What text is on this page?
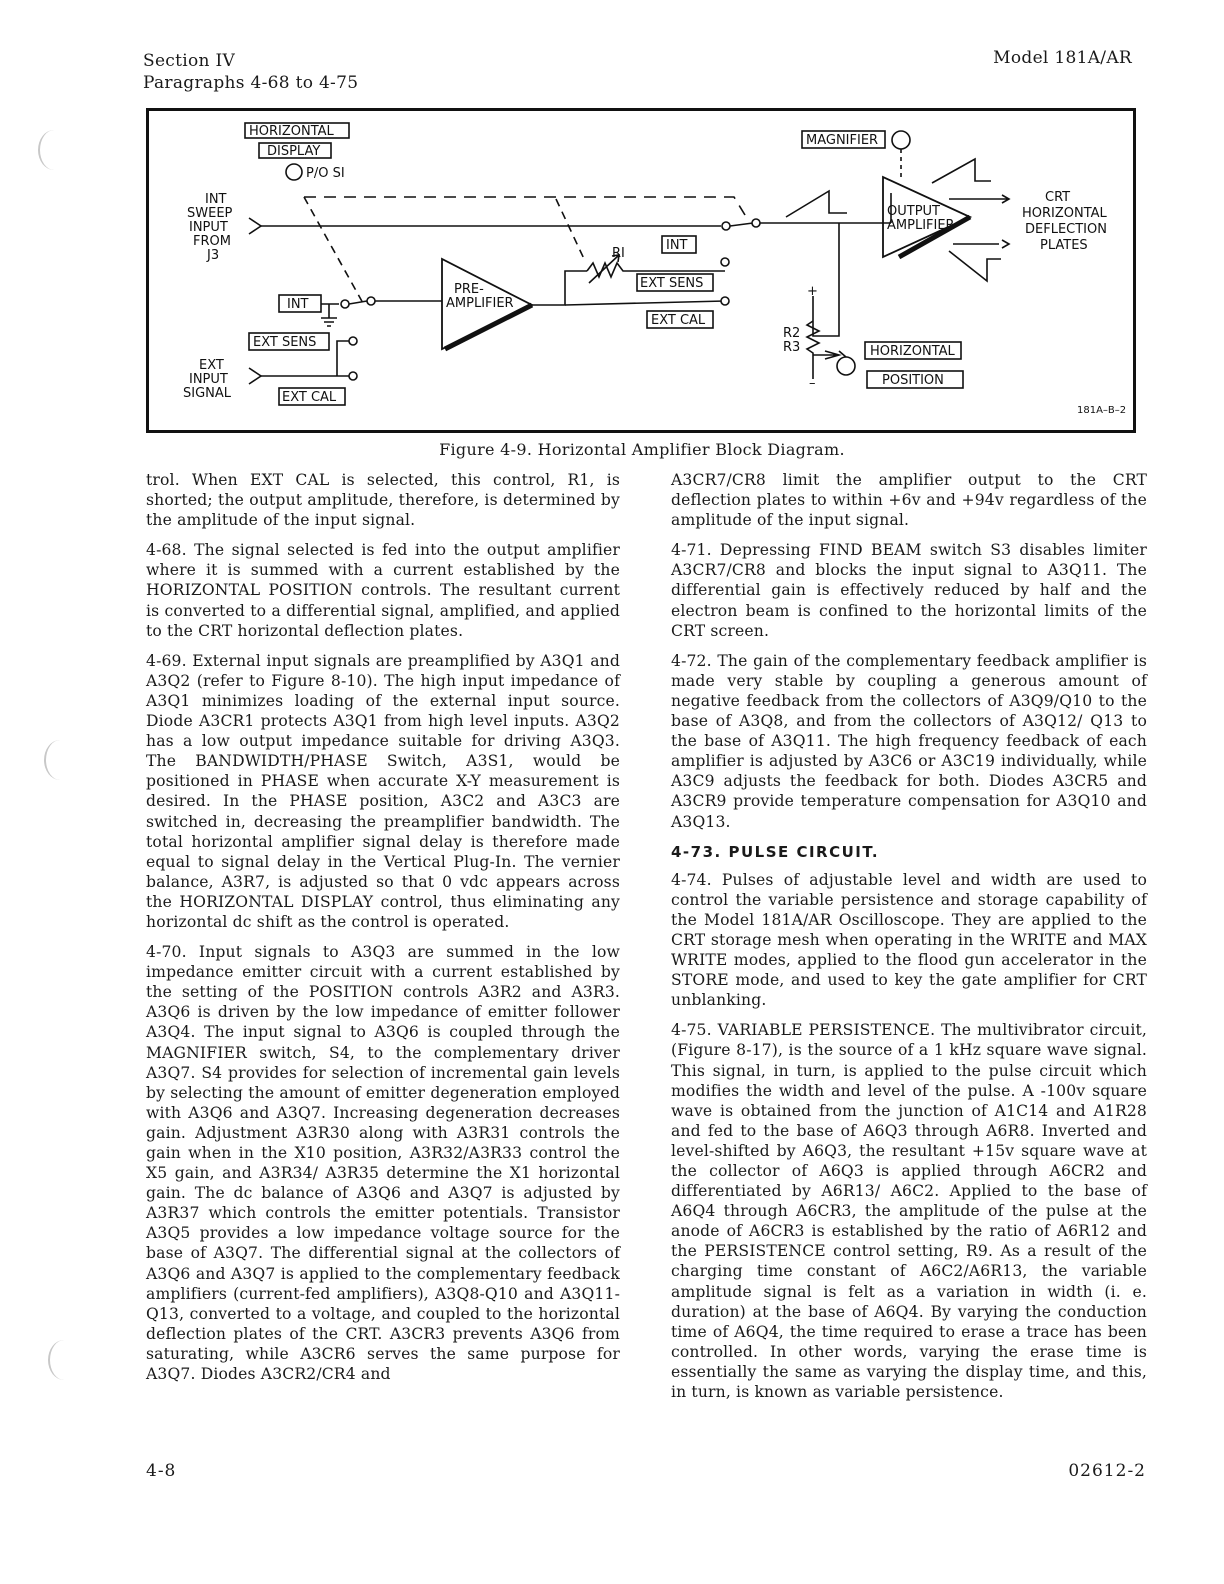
Section IV
Paragraphs 4-68 to 4-75
Model 181A/AR
HORIZONTAL
DISPLAY
P/O SI
INT
SWEEP
INPUT
FROM
J3
INT
EXT SENS
EXT
INPUT
SIGNAL	EXT CAL
PRE-
AMPLIFIER
RI
INT
EXT SENS
EXT CAL
MAGNIFIER
OUTPUT
AMPLIFIER
CRT
HORIZONTAL
DEFLECTION
PLATES
+
–
R2
R3	HORIZONTAL
POSITION
181A–B–2
Figure 4-9. Horizontal Amplifier Block Diagram.

trol. When EXT CAL is selected, this control, R1, is shorted; the output amplitude, therefore, is determined by the amplitude of the input signal.

4-68. The signal selected is fed into the output amplifier where it is summed with a current established by the HORIZONTAL POSITION controls. The resultant current is converted to a differential signal, amplified, and applied to the CRT horizontal deflection plates.

4-69. External input signals are preamplified by A3Q1 and A3Q2 (refer to Figure 8-10). The high input impedance of A3Q1 minimizes loading of the external input source. Diode A3CR1 protects A3Q1 from high level inputs. A3Q2 has a low output impedance suitable for driving A3Q3. The BANDWIDTH/PHASE Switch, A3S1, would be positioned in PHASE when accurate X-Y measurement is desired. In the PHASE position, A3C2 and A3C3 are switched in, decreasing the preamplifier bandwidth. The total horizontal amplifier signal delay is therefore made equal to signal delay in the Vertical Plug-In. The vernier balance, A3R7, is adjusted so that 0 vdc appears across the HORIZONTAL DISPLAY control, thus eliminating any horizontal dc shift as the control is operated.

4-70. Input signals to A3Q3 are summed in the low impedance emitter circuit with a current established by the setting of the POSITION controls A3R2 and A3R3. A3Q6 is driven by the low impedance of emitter follower A3Q4. The input signal to A3Q6 is coupled through the MAGNIFIER switch, S4, to the complementary driver A3Q7. S4 provides for selection of incremental gain levels by selecting the amount of emitter degeneration employed with A3Q6 and A3Q7. Increasing degeneration decreases gain. Adjustment A3R30 along with A3R31 controls the gain when in the X10 position, A3R32/A3R33 control the X5 gain, and A3R34/ A3R35 determine the X1 horizontal gain. The dc balance of A3Q6 and A3Q7 is adjusted by A3R37 which controls the emitter potentials. Transistor A3Q5 provides a low impedance voltage source for the base of A3Q7. The differential signal at the collectors of A3Q6 and A3Q7 is applied to the complementary feedback amplifiers (current-fed amplifiers), A3Q8-Q10 and A3Q11-Q13, converted to a voltage, and coupled to the horizontal deflection plates of the CRT. A3CR3 prevents A3Q6 from saturating, while A3CR6 serves the same purpose for A3Q7. Diodes A3CR2/CR4 and

A3CR7/CR8 limit the amplifier output to the CRT deflection plates to within +6v and +94v regardless of the amplitude of the input signal.

4-71. Depressing FIND BEAM switch S3 disables limiter A3CR7/CR8 and blocks the input signal to A3Q11. The differential gain is effectively reduced by half and the electron beam is confined to the horizontal limits of the CRT screen.

4-72. The gain of the complementary feedback amplifier is made very stable by coupling a generous amount of negative feedback from the collectors of A3Q9/Q10 to the base of A3Q8, and from the collectors of A3Q12/ Q13 to the base of A3Q11. The high frequency feedback of each amplifier is adjusted by A3C6 or A3C19 individually, while A3C9 adjusts the feedback for both. Diodes A3CR5 and A3CR9 provide temperature compensation for A3Q10 and A3Q13.

4-73. PULSE CIRCUIT.

4-74. Pulses of adjustable level and width are used to control the variable persistence and storage capability of the Model 181A/AR Oscilloscope. They are applied to the CRT storage mesh when operating in the WRITE and MAX WRITE modes, applied to the flood gun accelerator in the STORE mode, and used to key the gate amplifier for CRT unblanking.

4-75. VARIABLE PERSISTENCE. The multivibrator circuit, (Figure 8-17), is the source of a 1 kHz square wave signal. This signal, in turn, is applied to the pulse circuit which modifies the width and level of the pulse. A -100v square wave is obtained from the junction of A1C14 and A1R28 and fed to the base of A6Q3 through A6R8. Inverted and level-shifted by A6Q3, the resultant +15v square wave at the collector of A6Q3 is applied through A6CR2 and differentiated by A6R13/ A6C2. Applied to the base of A6Q4 through A6CR3, the amplitude of the pulse at the anode of A6CR3 is established by the ratio of A6R12 and the PERSISTENCE control setting, R9. As a result of the charging time constant of A6C2/A6R13, the variable amplitude signal is felt as a variation in width (i. e. duration) at the base of A6Q4. By varying the conduction time of A6Q4, the time required to erase a trace has been controlled. In other words, varying the erase time is essentially the same as varying the display time, and this, in turn, is known as variable persistence.

4-8	02612-2
